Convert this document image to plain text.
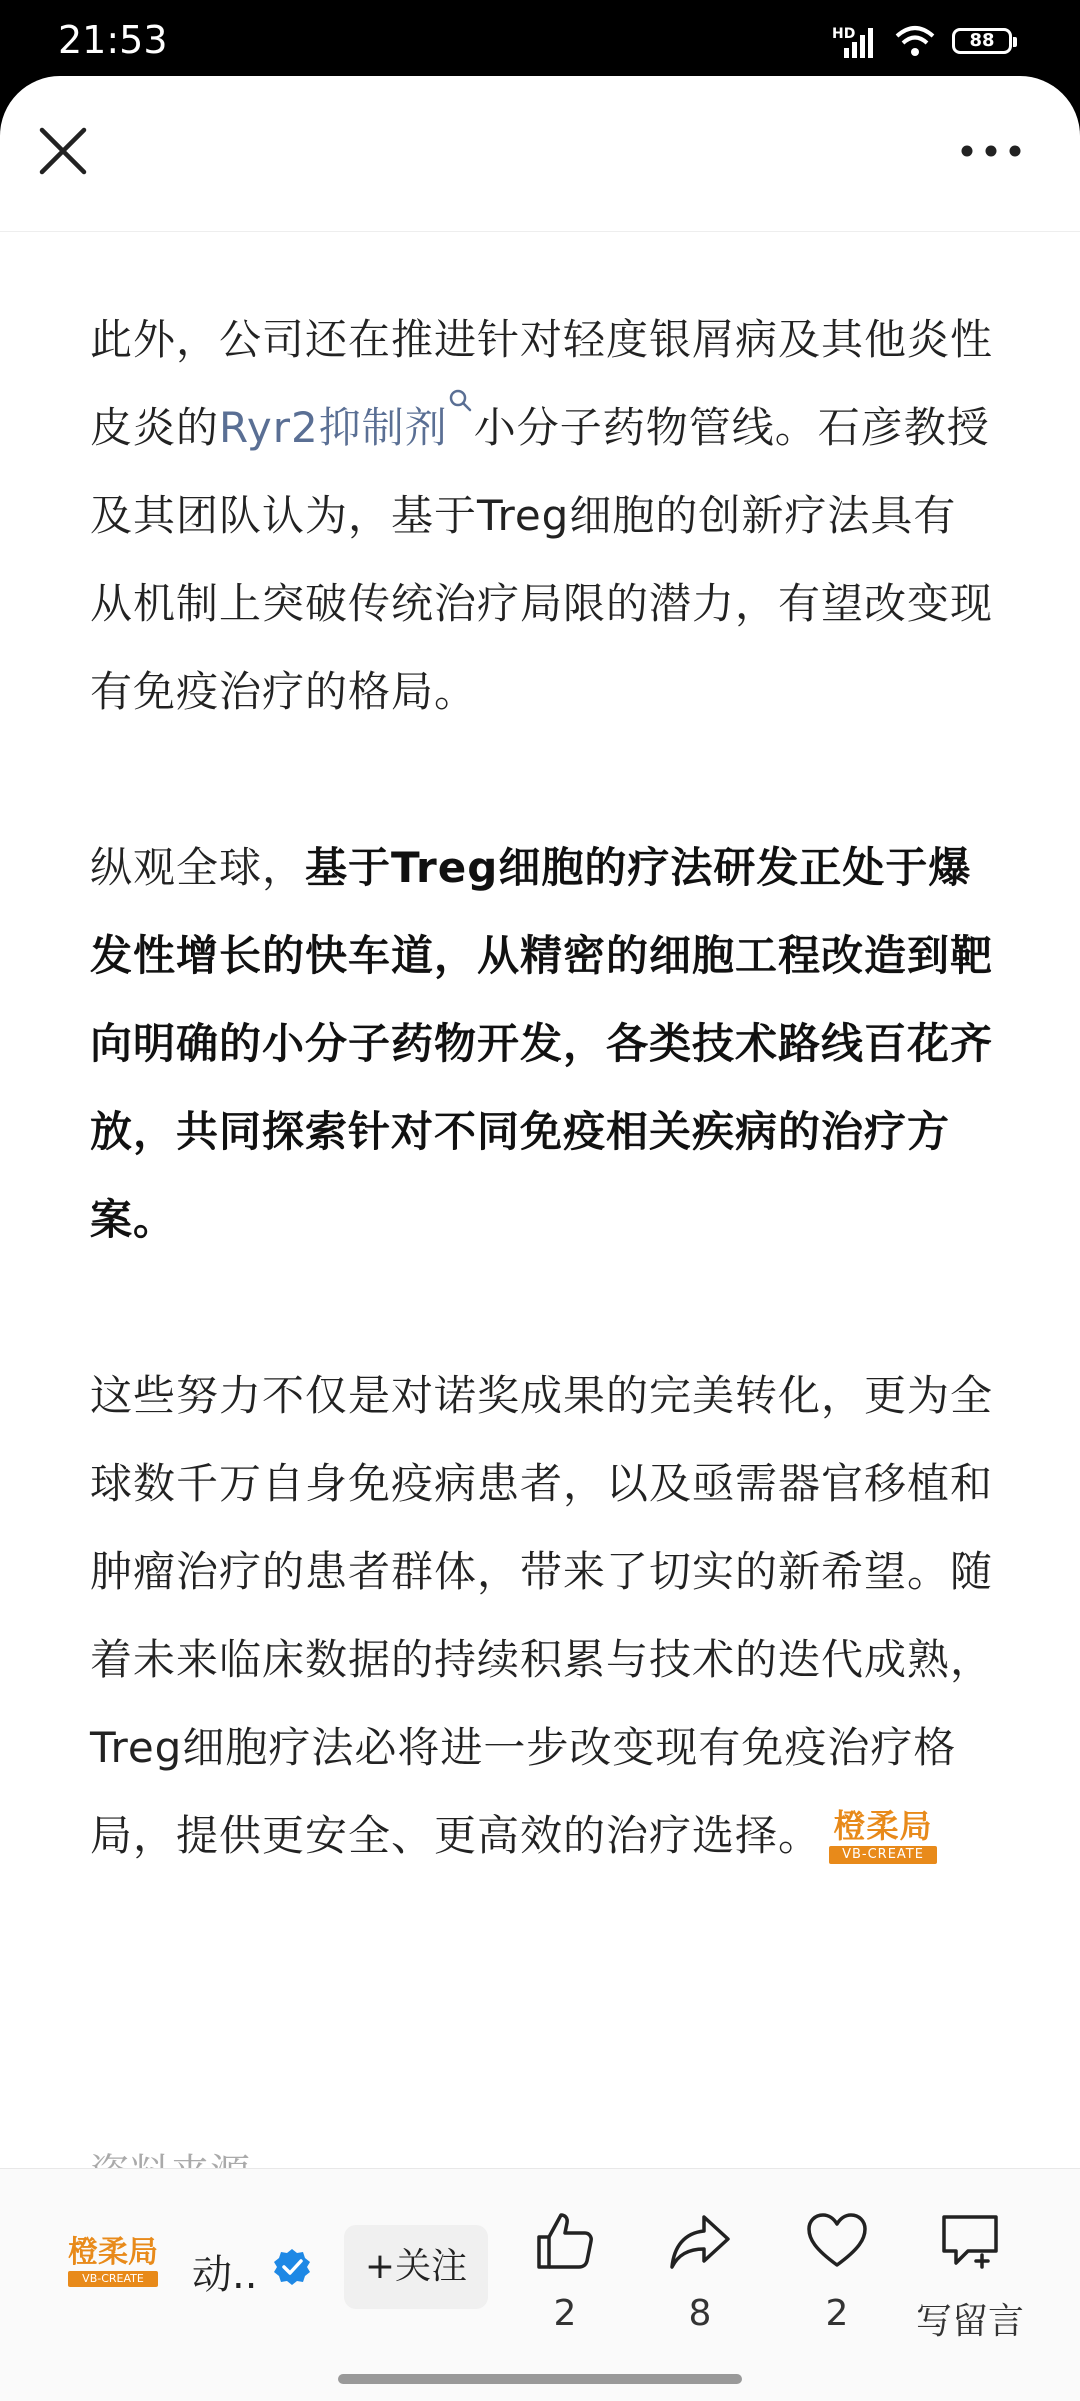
21:53	HD	88

此外，公司还在推进针对轻度银屑病及其他炎性皮炎的Ryr2抑制剂 小分子药物管线。石彦教授及其团队认为，基于Treg细胞的创新疗法具有从机制上突破传统治疗局限的潜力，有望改变现有免疫治疗的格局。

纵观全球，基于Treg细胞的疗法研发正处于爆发性增长的快车道，从精密的细胞工程改造到靶向明确的小分子药物开发，各类技术路线百花齐放，共同探索针对不同免疫相关疾病的治疗方案。

这些努力不仅是对诺奖成果的完美转化，更为全球数千万自身免疫病患者，以及亟需器官移植和肿瘤治疗的患者群体，带来了切实的新希望。随着未来临床数据的持续积累与技术的迭代成熟，Treg细胞疗法必将进一步改变现有免疫治疗格局，提供更安全、更高效的治疗选择。 橙柔局
VB-CREATE

橙柔局
VB-CREATE	动..	+关注
2	8	2	写留言
